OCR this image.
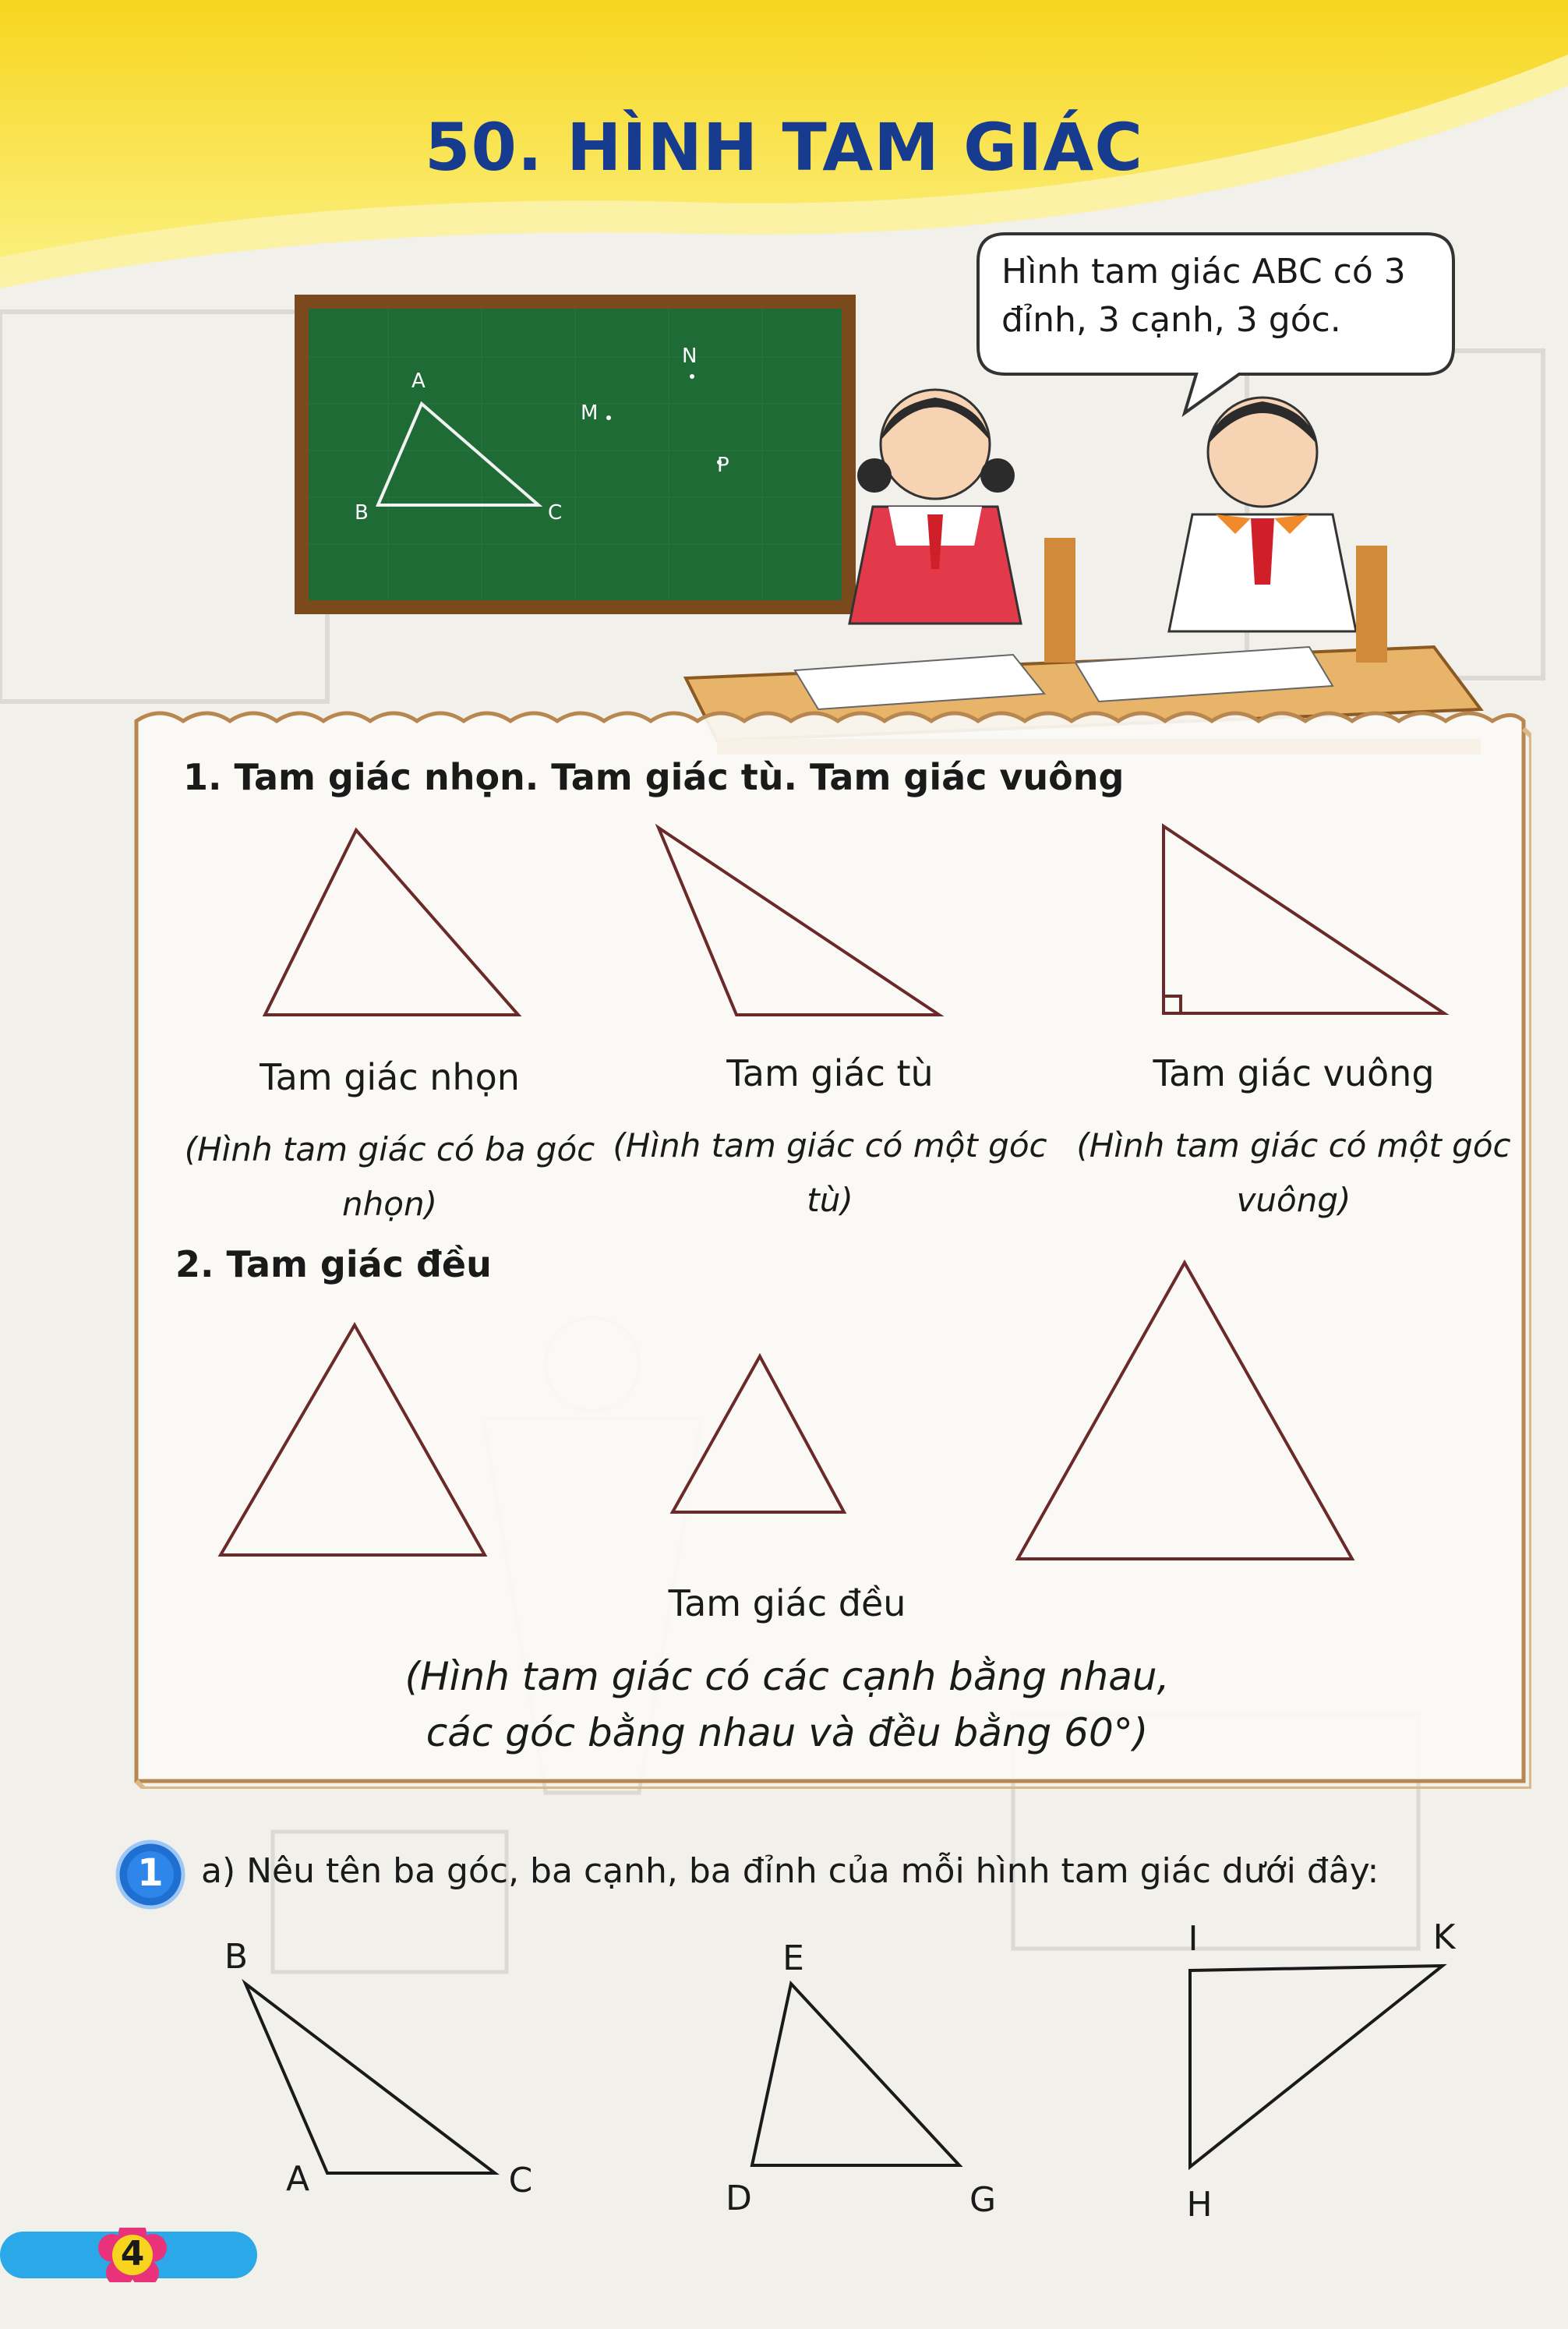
50. HÌNH TAM GIÁC
Hình tam giác ABC có 3 đỉnh, 3 cạnh, 3 góc.
A
B	C
M
N
P
1. Tam giác nhọn. Tam giác tù. Tam giác vuông
Tam giác nhọn
(Hình tam giác có ba góc nhọn)
Tam giác tù
(Hình tam giác có một góc tù)
Tam giác vuông
(Hình tam giác có một góc vuông)
2. Tam giác đều
Tam giác đều
(Hình tam giác có các cạnh bằng nhau,
các góc bằng nhau và đều bằng 60°)
1	a) Nêu tên ba góc, ba cạnh, ba đỉnh của mỗi hình tam giác dưới đây:
B
A	C
E
D	G
I	K
H
4
